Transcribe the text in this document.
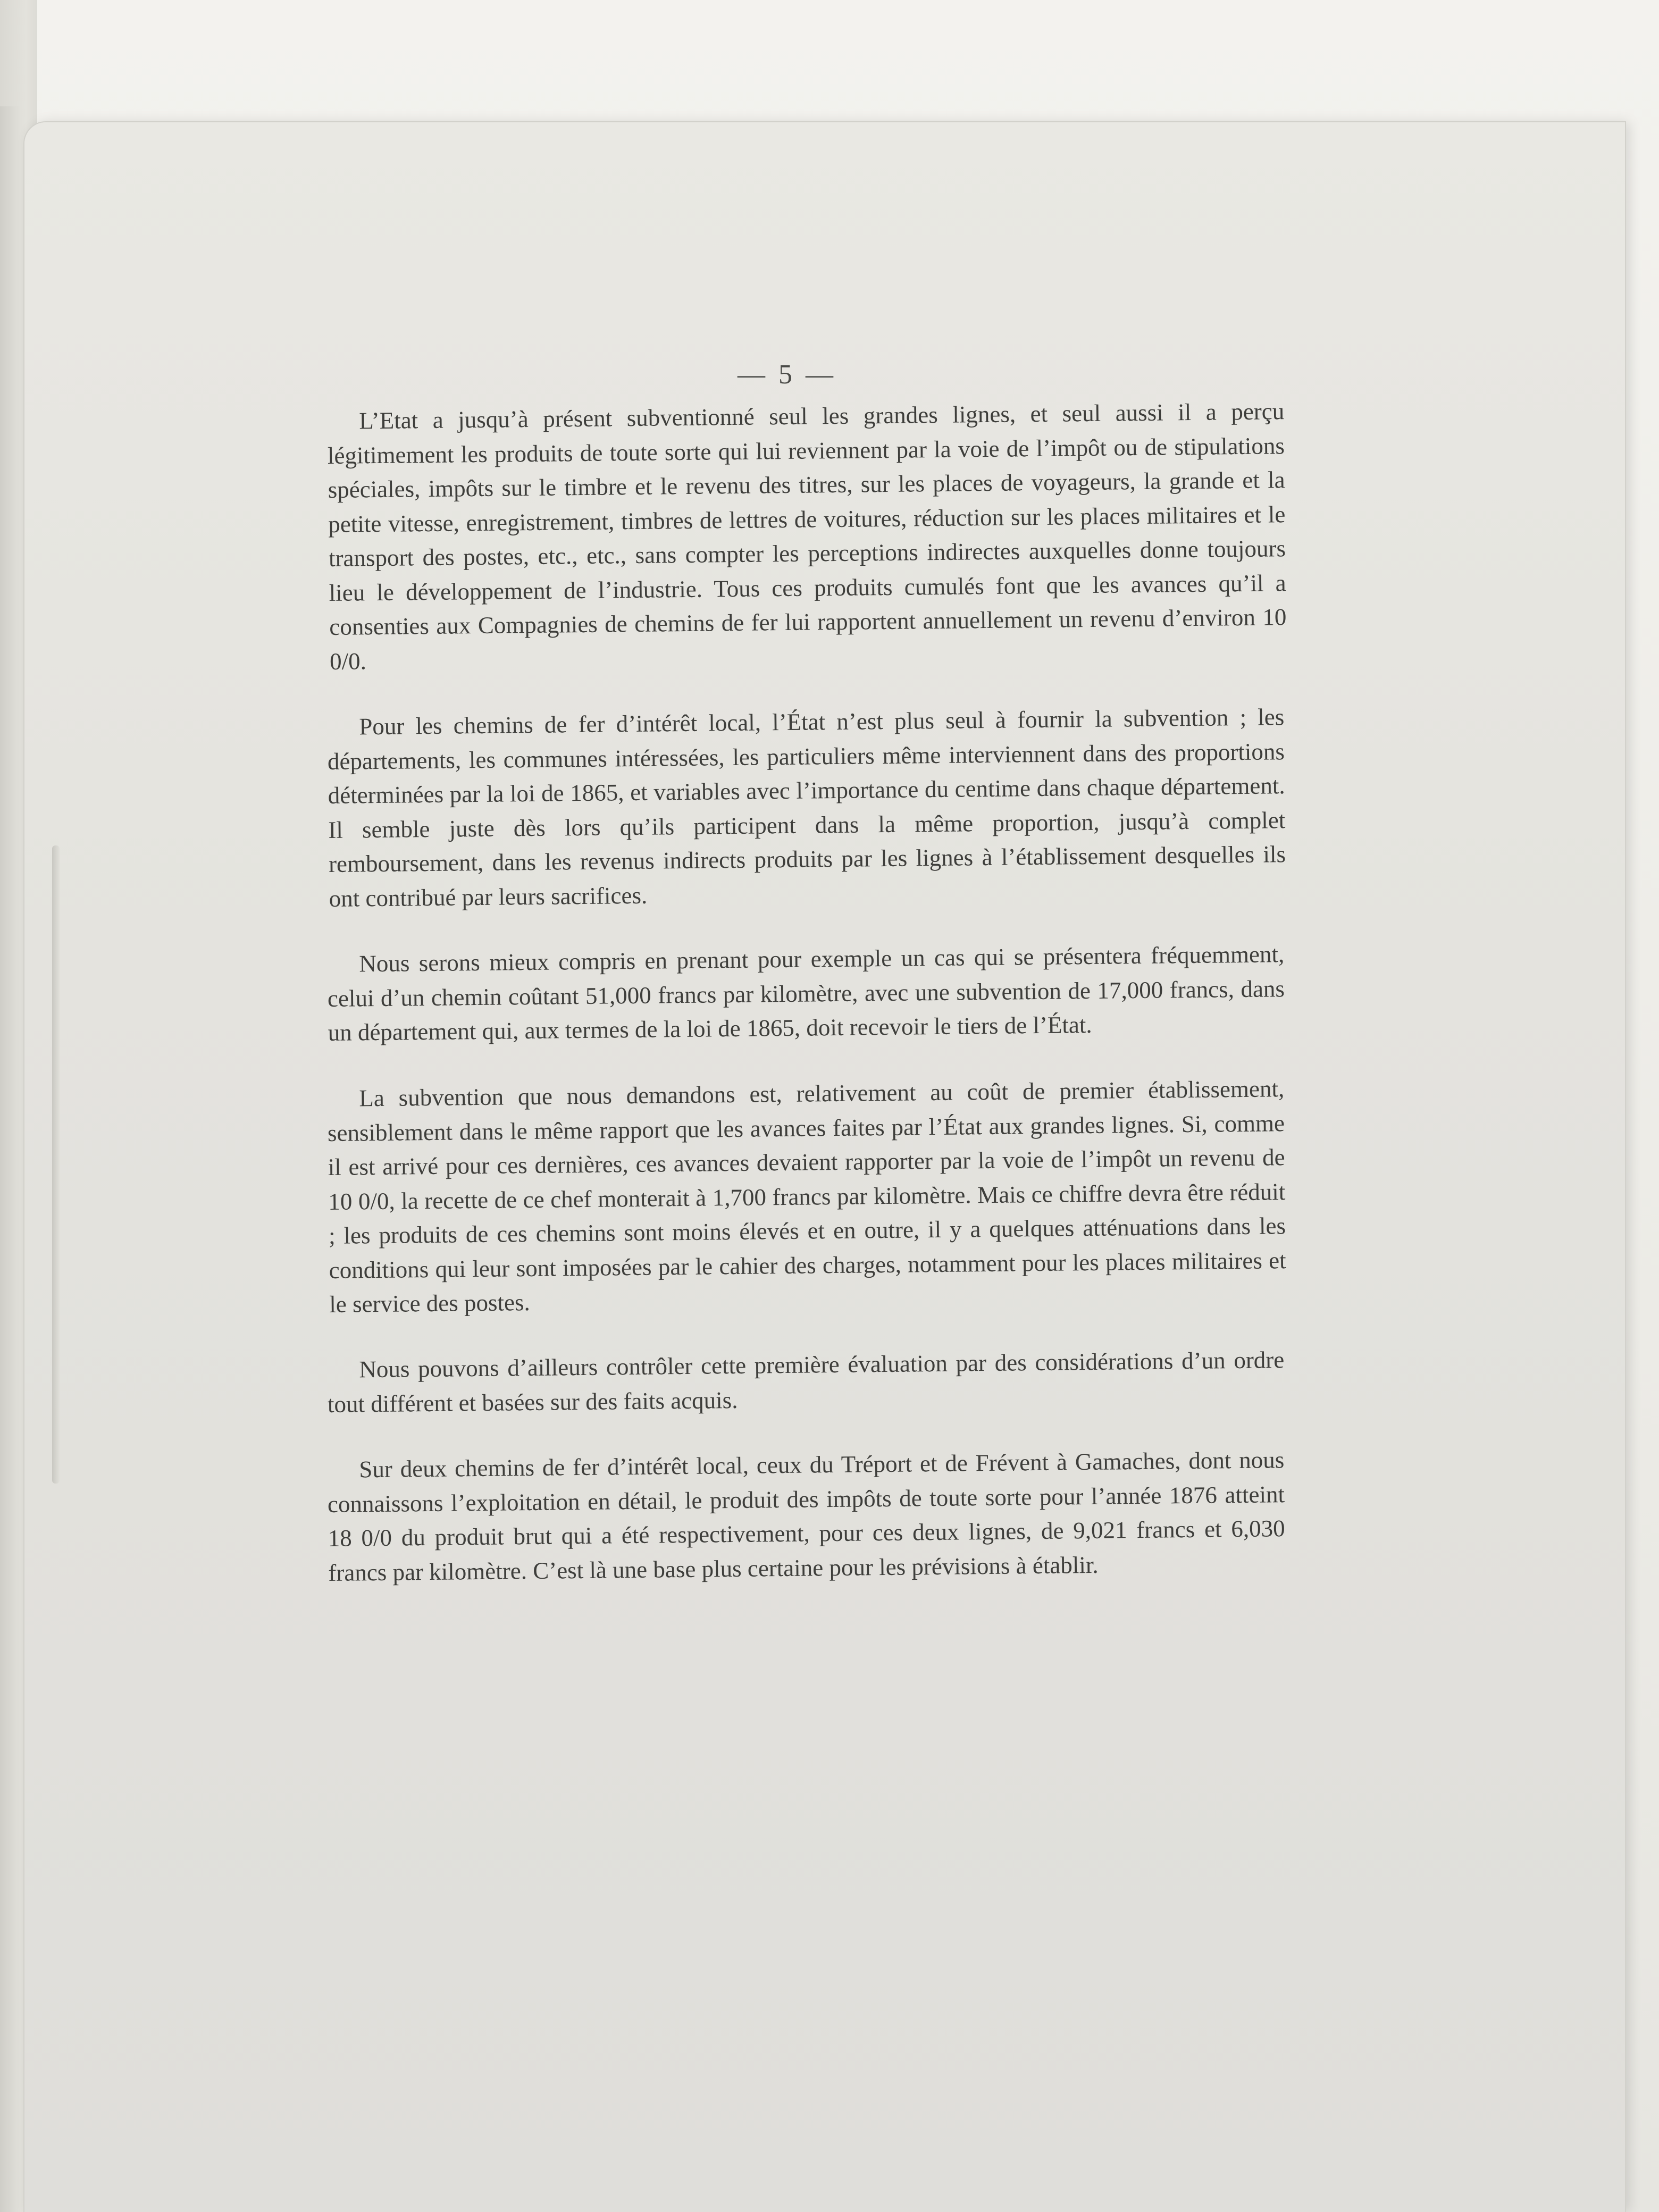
— 5 —

L’Etat a jusqu’à présent subventionné seul les grandes lignes, et seul aussi il a perçu légitimement les produits de toute sorte qui lui reviennent par la voie de l’impôt ou de stipulations spéciales, impôts sur le timbre et le revenu des titres, sur les places de voyageurs, la grande et la petite vitesse, enregistrement, timbres de lettres de voitures, réduction sur les places militaires et le transport des postes, etc., etc., sans compter les perceptions indirectes auxquelles donne toujours lieu le développement de l’industrie. Tous ces produits cumulés font que les avances qu’il a consenties aux Compagnies de chemins de fer lui rapportent annuellement un revenu d’environ 10 0/0.

Pour les chemins de fer d’intérêt local, l’État n’est plus seul à fournir la subvention ; les départements, les communes intéressées, les particuliers même interviennent dans des proportions déterminées par la loi de 1865, et variables avec l’importance du centime dans chaque département. Il semble juste dès lors qu’ils participent dans la même proportion, jusqu’à complet remboursement, dans les revenus indirects produits par les lignes à l’établissement desquelles ils ont contribué par leurs sacrifices.

Nous serons mieux compris en prenant pour exemple un cas qui se présentera fréquemment, celui d’un chemin coûtant 51,000 francs par kilomètre, avec une subvention de 17,000 francs, dans un département qui, aux termes de la loi de 1865, doit recevoir le tiers de l’État.

La subvention que nous demandons est, relativement au coût de premier établissement, sensiblement dans le même rapport que les avances faites par l’État aux grandes lignes. Si, comme il est arrivé pour ces dernières, ces avances devaient rapporter par la voie de l’impôt un revenu de 10 0/0, la recette de ce chef monterait à 1,700 francs par kilomètre. Mais ce chiffre devra être réduit ; les produits de ces chemins sont moins élevés et en outre, il y a quelques atténuations dans les conditions qui leur sont imposées par le cahier des charges, notamment pour les places militaires et le service des postes.

Nous pouvons d’ailleurs contrôler cette première évaluation par des considérations d’un ordre tout différent et basées sur des faits acquis.

Sur deux chemins de fer d’intérêt local, ceux du Tréport et de Frévent à Gamaches, dont nous connaissons l’exploitation en détail, le produit des impôts de toute sorte pour l’année 1876 atteint 18 0/0 du produit brut qui a été respectivement, pour ces deux lignes, de 9,021 francs et 6,030 francs par kilomètre. C’est là une base plus certaine pour les prévisions à établir.
